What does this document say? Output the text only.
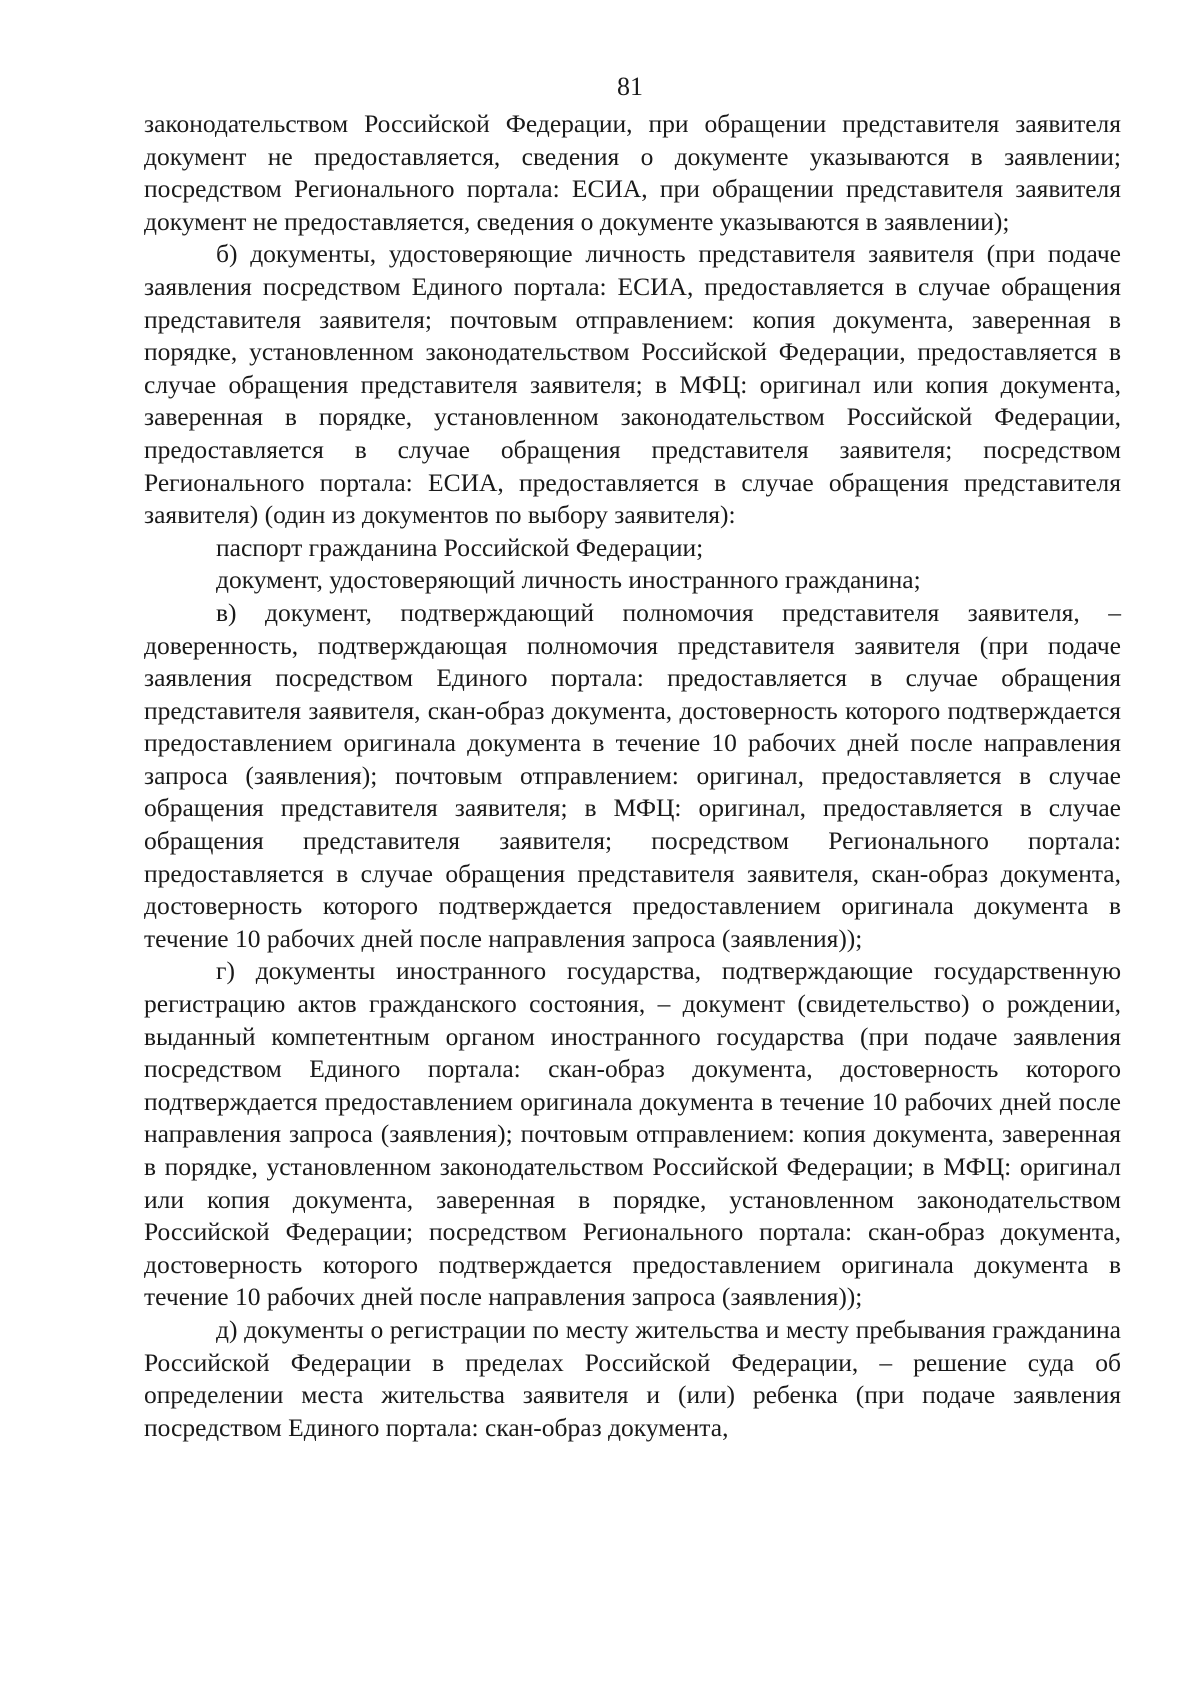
81

законодательством Российской Федерации, при обращении представителя заявителя документ не предоставляется, сведения о документе указываются в заявлении; посредством Регионального портала: ЕСИА, при обращении представителя заявителя документ не предоставляется, сведения о документе указываются в заявлении);

б) документы, удостоверяющие личность представителя заявителя (при подаче заявления посредством Единого портала: ЕСИА, предоставляется в случае обращения представителя заявителя; почтовым отправлением: копия документа, заверенная в порядке, установленном законодательством Российской Федерации, предоставляется в случае обращения представителя заявителя; в МФЦ: оригинал или копия документа, заверенная в порядке, установленном законодательством Российской Федерации, предоставляется в случае обращения представителя заявителя; посредством Регионального портала: ЕСИА, предоставляется в случае обращения представителя заявителя) (один из документов по выбору заявителя):

паспорт гражданина Российской Федерации;

документ, удостоверяющий личность иностранного гражданина;

в) документ, подтверждающий полномочия представителя заявителя, – доверенность, подтверждающая полномочия представителя заявителя (при подаче заявления посредством Единого портала: предоставляется в случае обращения представителя заявителя, скан-образ документа, достоверность которого подтверждается предоставлением оригинала документа в течение 10 рабочих дней после направления запроса (заявления); почтовым отправлением: оригинал, предоставляется в случае обращения представителя заявителя; в МФЦ: оригинал, предоставляется в случае обращения представителя заявителя; посредством Регионального портала: предоставляется в случае обращения представителя заявителя, скан-образ документа, достоверность которого подтверждается предоставлением оригинала документа в течение 10 рабочих дней после направления запроса (заявления));

г) документы иностранного государства, подтверждающие государственную регистрацию актов гражданского состояния, – документ (свидетельство) о рождении, выданный компетентным органом иностранного государства (при подаче заявления посредством Единого портала: скан-образ документа, достоверность которого подтверждается предоставлением оригинала документа в течение 10 рабочих дней после направления запроса (заявления); почтовым отправлением: копия документа, заверенная в порядке, установленном законодательством Российской Федерации; в МФЦ: оригинал или копия документа, заверенная в порядке, установленном законодательством Российской Федерации; посредством Регионального портала: скан-образ документа, достоверность которого подтверждается предоставлением оригинала документа в течение 10 рабочих дней после направления запроса (заявления));

д) документы о регистрации по месту жительства и месту пребывания гражданина Российской Федерации в пределах Российской Федерации, – решение суда об определении места жительства заявителя и (или) ребенка (при подаче заявления посредством Единого портала: скан-образ документа,
